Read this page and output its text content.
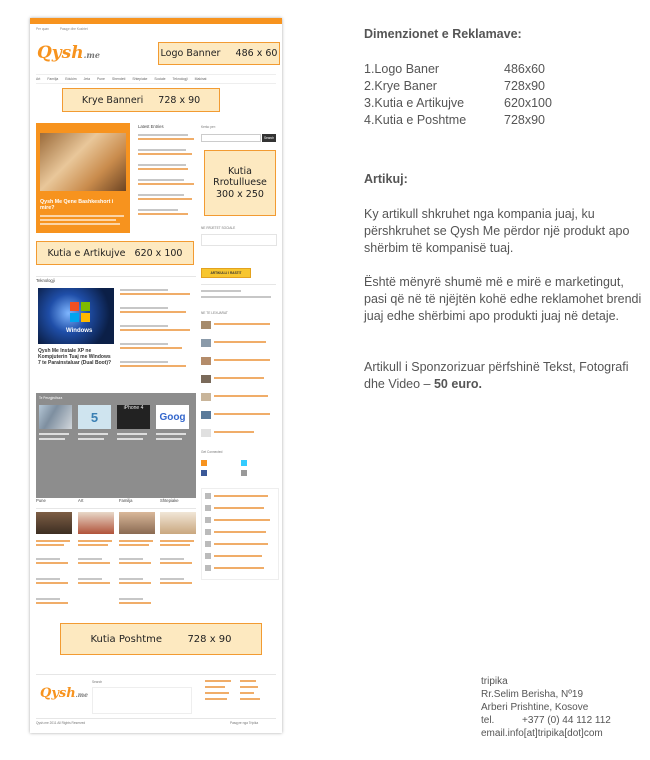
Per quan	Pasqyr dhe Kushtet
Qysh.me	Logo Banner     486 x 60
Art Familja Edukim Jeta Pune Shendeti Shtepiake Sociale Teknologji Makinat
Krye Banneri     728 x 90
Qysh Me Qene Bashkeshort i mire?
Latest Entries	Kerko per:
Search
Kutia
Rrotulluese
300 x 250
Kutia e Artikujve   620 x 100
NE RRJETET SOCIALE
ARTIKULLI I RASTIT
Teknologji
Windows
Qysh Me Instale XP ne Kompjuterin Tuaj me Windows 7 te Parainstaluar (Dual Boot)?
Te Perzgjedhura
5
iPhone 4
Goog
NE TE LEXUARAT
Get Connected
Pune	Art	Familja	Shtepiake
Kutia Poshtme        728 x 90
Qysh.me
Search
Qysh.me 2011 All Rights Reserved	Pasqyre nga Tripika
Dimenzionet e Reklamave:
1.Logo Baner	486x60
2.Krye Baner	728x90
3.Kutia e Artikujve	620x100
4.Kutia e Poshtme	728x90
Artikuj:
Ky artikull shkruhet nga kompania juaj, ku përshkruhet se Qysh Me përdor një produkt apo shërbim të kompanisë tuaj.
Është mënyrë shumë më e mirë e marketingut, pasi që në të njëjtën kohë edhe reklamohet brendi juaj edhe shërbimi apo produkti juaj në detaje.
Artikull i Sponzorizuar përfshinë Tekst, Fotografi dhe Video – 50 euro.
tripika
Rr.Selim Berisha, Nº19
Arberi Prishtine, Kosove
tel.	+377 (0) 44 112 112
email.info[at]tripika[dot]com
